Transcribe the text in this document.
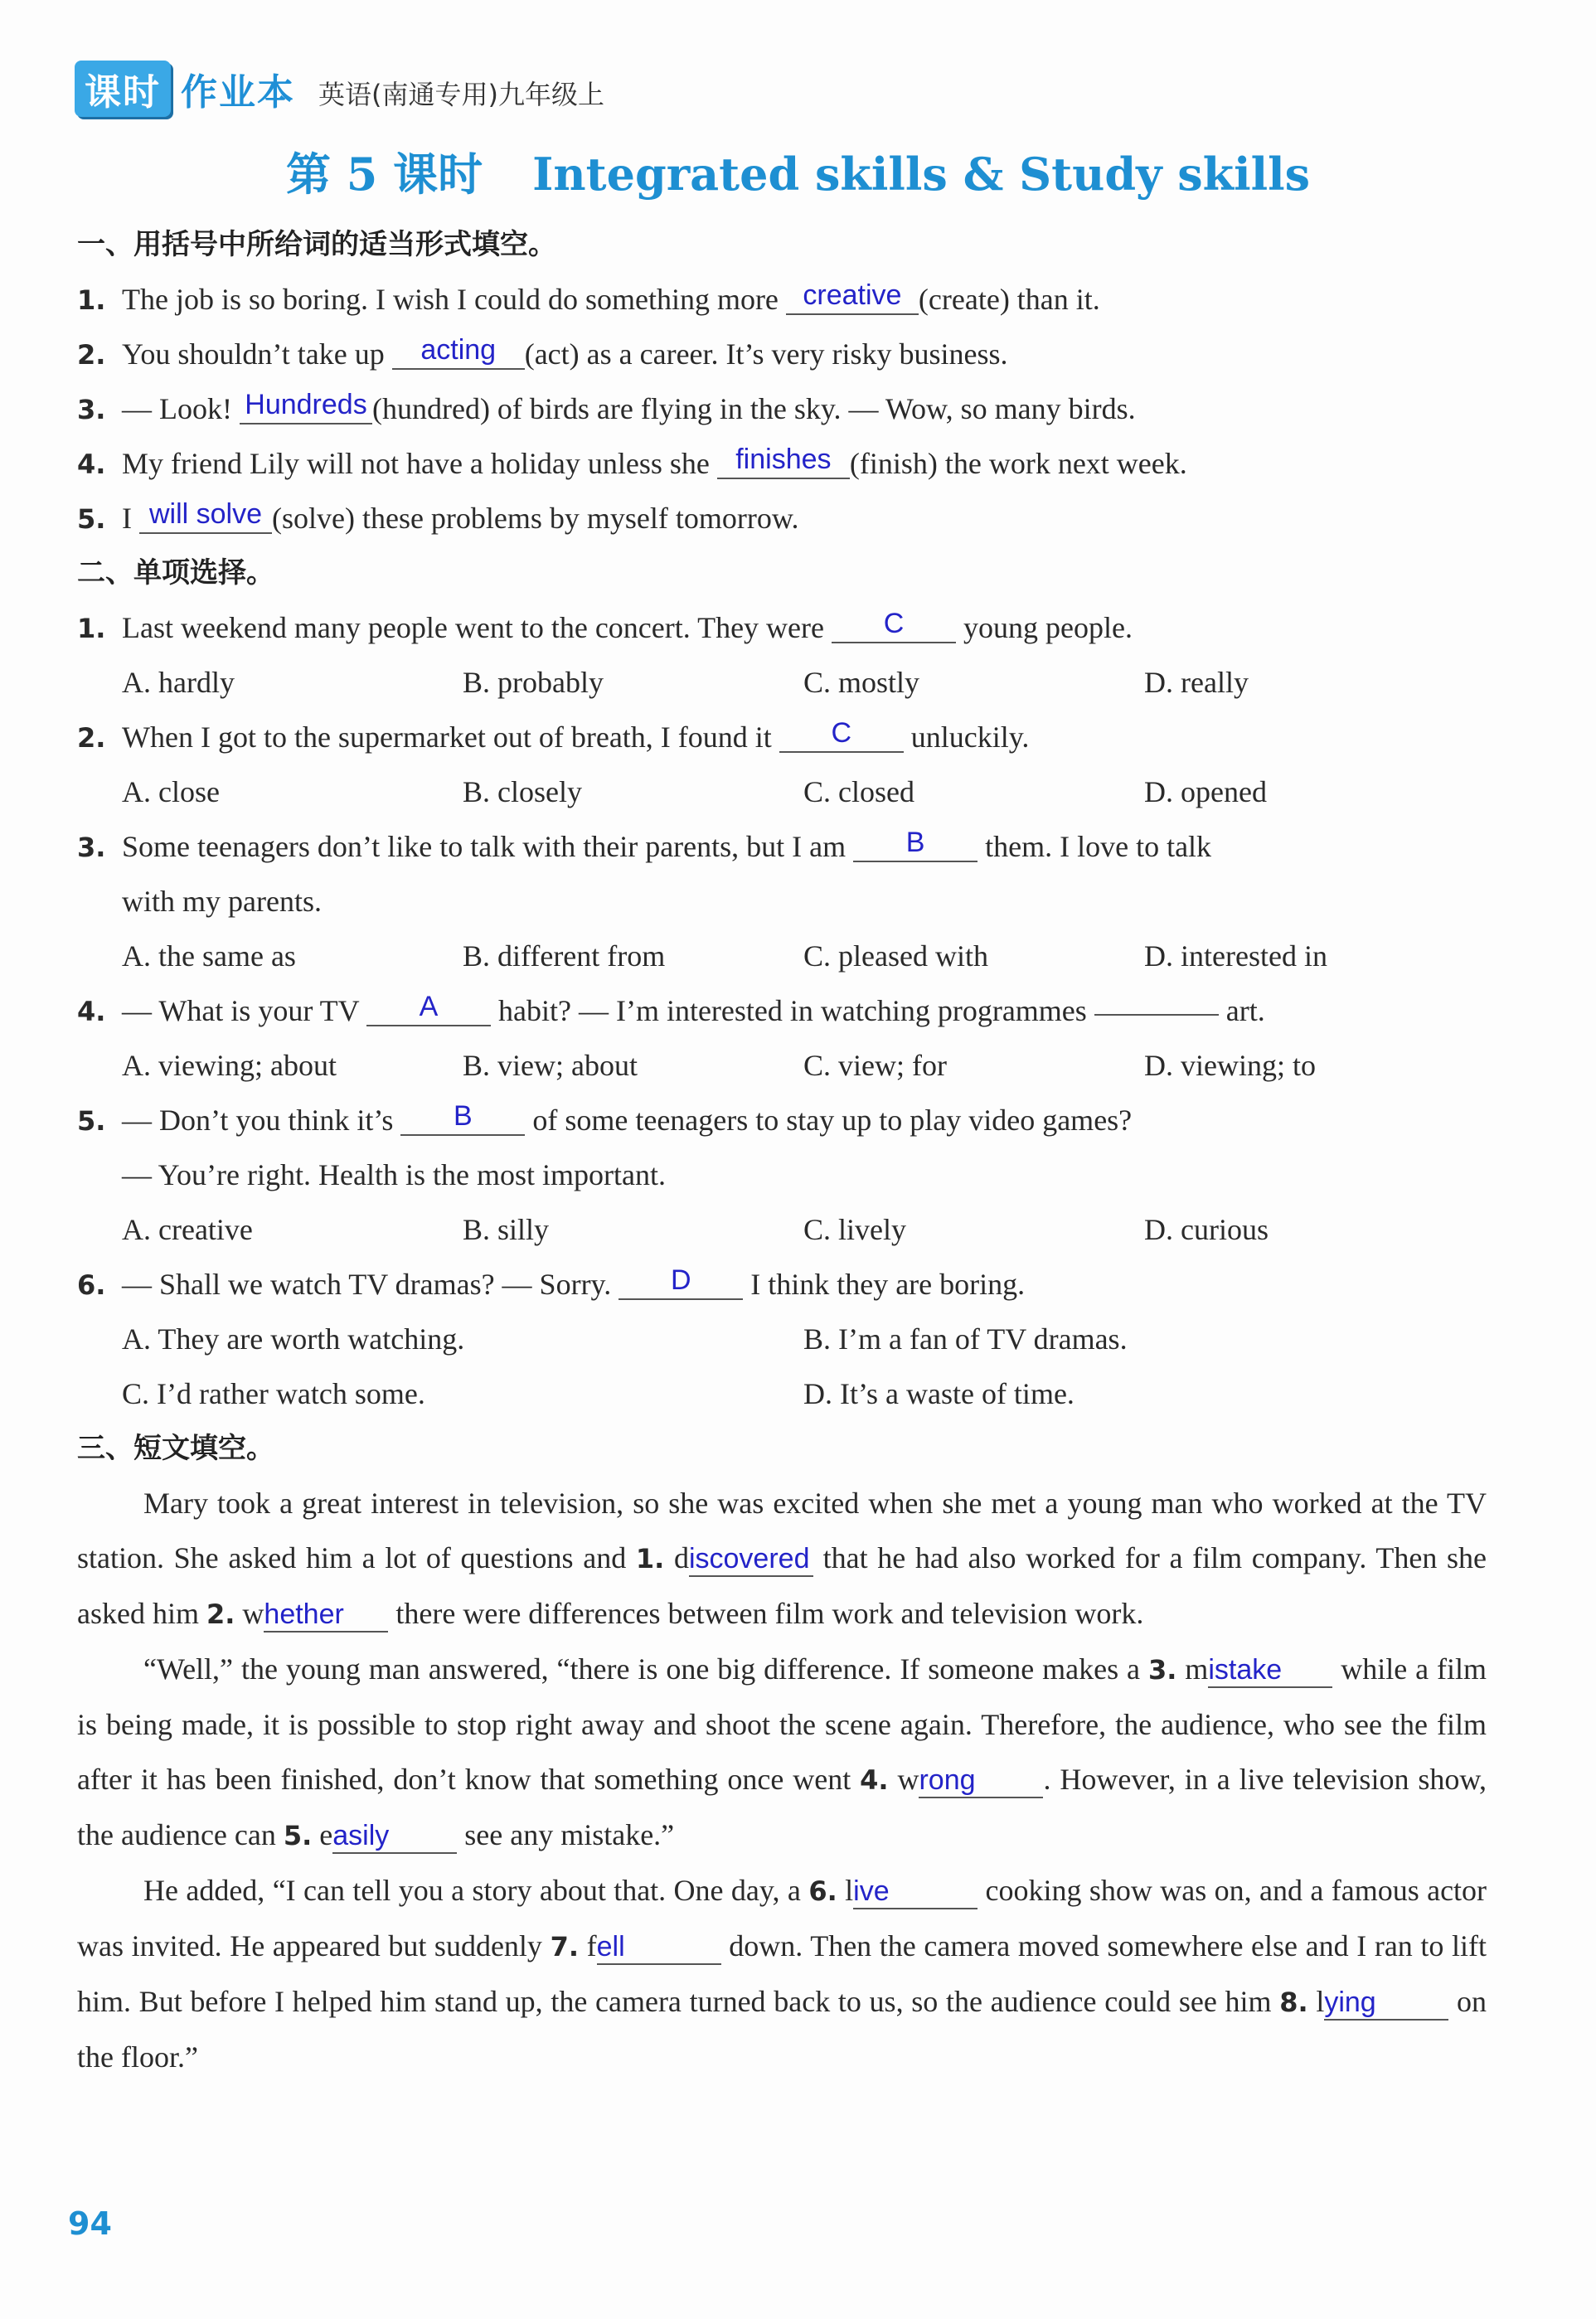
课时 作业本 英语(南通专用)九年级上
第 5 课时 Integrated skills & Study skills
一、用括号中所给词的适当形式填空。
1. The job is so boring. I wish I could do something more creative (create) than it.
2. You shouldn’t take up acting (act) as a career. It’s very risky business.
3. — Look! Hundreds (hundred) of birds are flying in the sky. — Wow, so many birds.
4. My friend Lily will not have a holiday unless she finishes (finish) the work next week.
5. I will solve (solve) these problems by myself tomorrow.
二、单项选择。
1. Last weekend many people went to the concert. They were C young people.
A. hardly	B. probably	C. mostly	D. really
2. When I got to the supermarket out of breath, I found it C unluckily.
A. close	B. closely	C. closed	D. opened
3. Some teenagers don’t like to talk with their parents, but I am B them. I love to talk
with my parents.
A. the same as	B. different from	C. pleased with	D. interested in
4. — What is your TV A habit? — I’m interested in watching programmes	art.
A. viewing; about	B. view; about	C. view; for	D. viewing; to
5. — Don’t you think it’s B of some teenagers to stay up to play video games?
— You’re right. Health is the most important.
A. creative	B. silly	C. lively	D. curious
6. — Shall we watch TV dramas? — Sorry. D I think they are boring.
A. They are worth watching.	B. I’m a fan of TV dramas.
C. I’d rather watch some.	D. It’s a waste of time.
三、短文填空。
Mary took a great interest in television, so she was excited when she met a young man who worked at the TV station. She asked him a lot of questions and 1. discovered that he had also worked for a film company. Then she asked him 2. whether there were differences between film work and television work.
“Well,” the young man answered, “there is one big difference. If someone makes a 3. mistake while a film is being made, it is possible to stop right away and shoot the scene again. Therefore, the audience, who see the film after it has been finished, don’t know that something once went 4. wrong . However, in a live television show, the audience can 5. easily	see any mistake.”
He added, “I can tell you a story about that. One day, a 6. live	cooking show was on, and a famous actor was invited. He appeared but suddenly 7. fell	down. Then the camera moved somewhere else and I ran to lift him. But before I helped him stand up, the camera turned back to us, so the audience could see him 8. lying	on the floor.”
94
